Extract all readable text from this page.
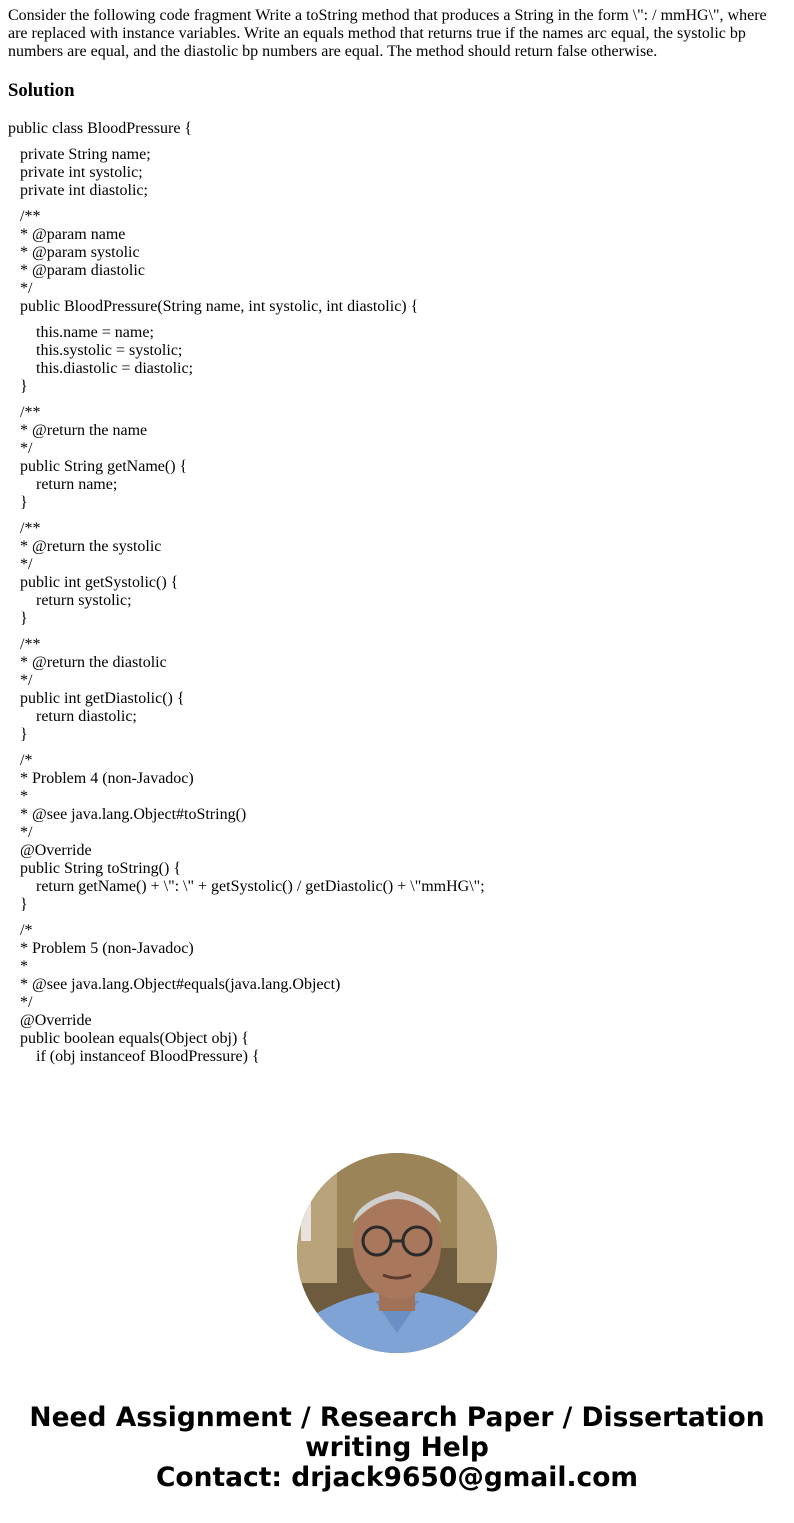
Consider the following code fragment Write a toString method that produces a String in the form \": / mmHG\", where are replaced with instance variables. Write an equals method that returns true if the names arc equal, the systolic bp numbers are equal, and the diastolic bp numbers are equal. The method should return false otherwise.

Solution
public class BloodPressure {
private String name;
private int systolic;
private int diastolic;
/**
* @param name
* @param systolic
* @param diastolic
*/
public BloodPressure(String name, int systolic, int diastolic) {
this.name = name;
this.systolic = systolic;
this.diastolic = diastolic;
}
/**
* @return the name
*/
public String getName() {
return name;
}
/**
* @return the systolic
*/
public int getSystolic() {
return systolic;
}
/**
* @return the diastolic
*/
public int getDiastolic() {
return diastolic;
}
/*
* Problem 4 (non-Javadoc)
*
* @see java.lang.Object#toString()
*/
@Override
public String toString() {
return getName() + \": \" + getSystolic() / getDiastolic() + \"mmHG\";
}
/*
* Problem 5 (non-Javadoc)
*
* @see java.lang.Object#equals(java.lang.Object)
*/
@Override
public boolean equals(Object obj) {
if (obj instanceof BloodPressure) {
Need Assignment / Research Paper / Dissertation
writing Help
Contact: drjack9650@gmail.com
